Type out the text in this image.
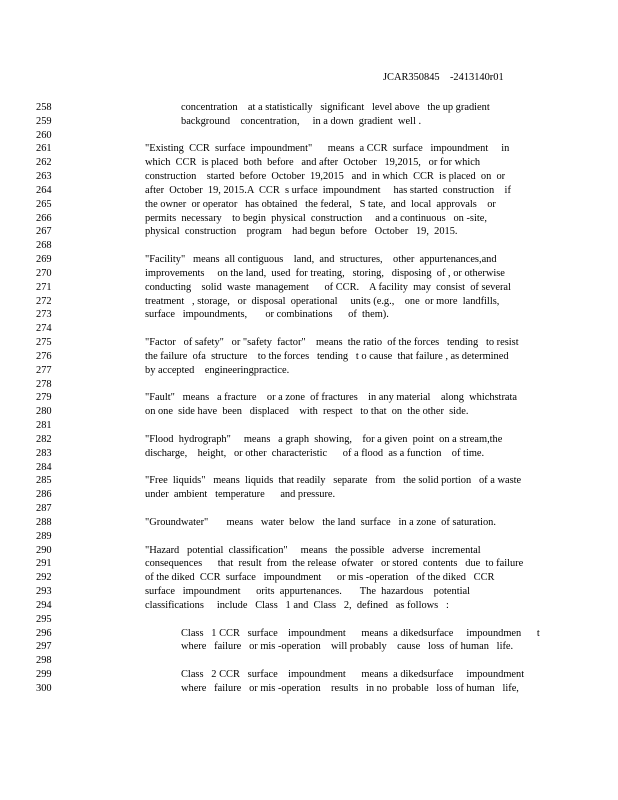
JCAR350845    -2413140r01
258	concentration    at a statistically   significant   level above   the up gradient
259	background    concentration,     in a down  gradient  well .
260
261	"Existing  CCR  surface  impoundment"      means  a CCR  surface   impoundment     in
262	which  CCR  is placed  both  before   and after  October   19,2015,   or for which
263	construction    started  before  October  19,2015   and  in which  CCR  is placed  on  or
264	after  October  19, 2015.A  CCR  s urface  impoundment     has started  construction    if
265	the owner  or operator   has obtained   the federal,   S tate,  and  local  approvals    or
266	permits  necessary    to begin  physical  construction     and a continuous   on -site,
267	physical  construction    program    had begun  before   October   19,  2015.
268
269	"Facility"   means  all contiguous    land,  and  structures,    other  appurtenances,and
270	improvements     on the land,  used  for treating,   storing,   disposing  of , or otherwise
271	conducting    solid  waste  management      of CCR.    A facility  may  consist  of several
272	treatment   , storage,   or  disposal  operational     units (e.g.,    one  or more  landfills,
273	surface   impoundments,       or combinations      of  them).
274
275	"Factor   of safety"   or "safety  factor"    means  the ratio  of the forces   tending   to resist
276	the failure  ofa  structure    to the forces   tending   t o cause  that failure , as determined
277	by accepted    engineeringpractice.
278
279	"Fault"   means   a fracture    or a zone  of fractures    in any material    along  whichstrata
280	on one  side have  been   displaced    with  respect   to that  on  the other  side.
281
282	"Flood  hydrograph"     means   a graph  showing,    for a given  point  on a stream,the
283	discharge,    height,   or other  characteristic      of a flood  as a function    of time.
284
285	"Free  liquids"   means  liquids  that readily   separate   from   the solid portion   of a waste
286	under  ambient   temperature      and pressure.
287
288	"Groundwater"       means   water  below   the land  surface   in a zone  of saturation.
289
290	"Hazard   potential  classification"     means   the possible   adverse   incremental
291	consequences      that  result  from  the release  ofwater   or stored  contents   due  to failure
292	of the diked  CCR  surface   impoundment      or mis -operation   of the diked   CCR
293	surface   impoundment      orits  appurtenances.       The  hazardous    potential
294	classifications     include   Class   1 and  Class   2,  defined   as follows   :
295
296	Class   1 CCR   surface    impoundment      means  a dikedsurface     impoundmen      t
297	where   failure   or mis -operation    will probably    cause   loss  of human   life.
298
299	Class   2 CCR   surface    impoundment      means  a dikedsurface     impoundment
300	where   failure   or mis -operation    results   in no  probable   loss of human   life,
